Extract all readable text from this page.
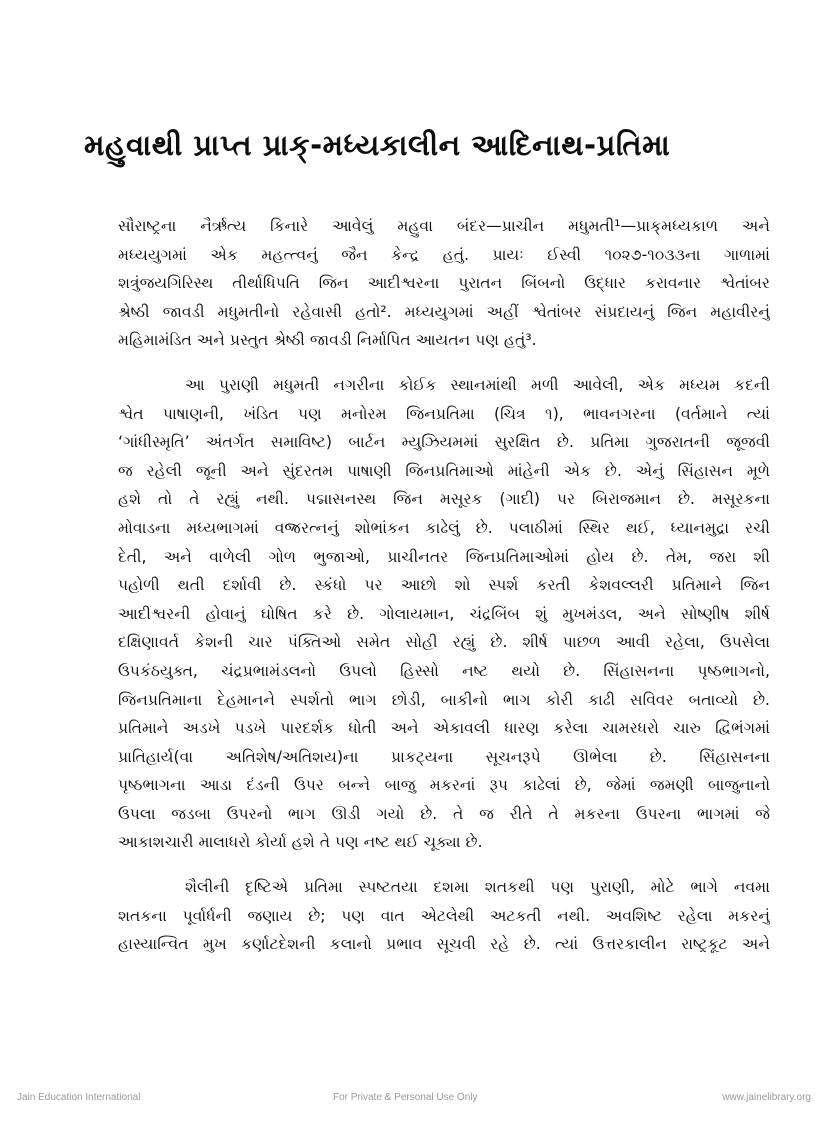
મહુવાથી પ્રાપ્ત પ્રાક્‌-મધ્યકાલીન આદિનાથ-પ્રતિમા
સૌરાષ્ટ્રના નૈર્ઋત્ય કિનારે આવેલું મહુવા બંદર—પ્રાચીન મધુમતી¹—પ્રાક્‌મધ્યકાળ અને
મધ્યયુગમાં એક મહત્ત્વનું જૈન કેન્દ્ર હતું. પ્રાયઃ ઈસ્વી ૧૦૨૭-૧૦૩૩ના ગાળામાં
શત્રુંજયગિરિસ્થ તીર્થાધિપતિ જિન આદીશ્વરના પુરાતન બિંબનો ઉદ્ધાર કરાવનાર શ્વેતાંબર
શ્રેષ્ઠી જાવડી મધુમતીનો રહેવાસી હતો². મધ્યયુગમાં અહીં શ્વેતાંબર સંપ્રદાયનું જિન મહાવીરનું
મહિમામંડિત અને પ્રસ્તુત શ્રેષ્ઠી જાવડી નિર્માપિત આયતન પણ હતું³.
આ પુરાણી મધુમતી નગરીના કોઈક સ્થાનમાંથી મળી આવેલી, એક મધ્યમ કદની
શ્વેત પાષાણની, ખંડિત પણ મનોરમ જિનપ્રતિમા (ચિત્ર ૧), ભાવનગરના (વર્તમાને ત્યાં
‘ગાંધીસ્મૃતિ’ અંતર્ગત સમાવિષ્ટ) બાર્ટન મ્યુઝિયમમાં સુરક્ષિત છે. પ્રતિમા ગુજરાતની જૂજવી
જ રહેલી જૂની અને સુંદરતમ પાષાણી જિનપ્રતિમાઓ માંહેની એક છે. એનું સિંહાસન મૂળે
હશે તો તે રહ્યું નથી. પદ્માસનસ્થ જિન મસૂરક (ગાદી) પર બિરાજમાન છે. મસૂરકના
મોવાડના મધ્યભાગમાં વજ્રરત્નનું શોભાંકન કાઢેલું છે. પલાઠીમાં સ્થિર થઈ, ધ્યાનમુદ્રા રચી
દેતી, અને વાળેલી ગોળ ભુજાઓ, પ્રાચીનતર જિનપ્રતિમાઓમાં હોય છે. તેમ, જરા શી
પહોળી થતી દર્શાવી છે. સ્કંધો પર આછો શો સ્પર્શ કરતી કેશવલ્લરી પ્રતિમાને જિન
આદીશ્વરની હોવાનું ઘોષિત કરે છે. ગોલાયમાન, ચંદ્રબિંબ શું મુખમંડલ, અને સોષ્ણીષ શીર્ષ
દક્ષિણાવર્ત કેશની ચાર પંક્તિઓ સમેત સોહી રહ્યું છે. શીર્ષ પાછળ આવી રહેલા, ઉપસેલા
ઉપકંઠયુક્ત, ચંદ્રપ્રભામંડલનો ઉપલો હિસ્સો નષ્ટ થયો છે. સિંહાસનના પૃષ્ઠભાગનો,
જિનપ્રતિમાના દેહમાનને સ્પર્શતો ભાગ છોડી, બાકીનો ભાગ કોરી કાઢી સવિવર બતાવ્યો છે.
પ્રતિમાને અડખે પડખે પારદર્શક ધોતી અને એકાવલી ધારણ કરેલા ચામરધરો ચારુ દ્વિભંગમાં
પ્રાતિહાર્ય(વા અતિશેષ/અતિશય)ના પ્રાકટ્યના સૂચનરૂપે ઊભેલા છે. સિંહાસનના
પૃષ્ઠભાગના આડા દંડની ઉપર બન્ને બાજુ મકરનાં રૂપ કાઢેલાં છે, જેમાં જમણી બાજુનાનો
ઉપલા જડબા ઉપરનો ભાગ ઊડી ગયો છે. તે જ રીતે તે મકરના ઉપરના ભાગમાં જે
આકાશચારી માલાધરો કોર્યા હશે તે પણ નષ્ટ થઈ ચૂક્યા છે.
શૈલીની દૃષ્ટિએ પ્રતિમા સ્પષ્ટતયા દશમા શતકથી પણ પુરાણી, મોટે ભાગે નવમા
શતકના પૂર્વાર્ધની જણાય છે; પણ વાત એટલેથી અટકતી નથી. અવશિષ્ટ રહેલા મકરનું
હાસ્યાન્વિત મુખ કર્ણાટદેશની કલાનો પ્રભાવ સૂચવી રહે છે. ત્યાં ઉત્તરકાલીન રાષ્ટ્રકૂટ અને
Jain Education International	For Private & Personal Use Only	www.jainelibrary.org
